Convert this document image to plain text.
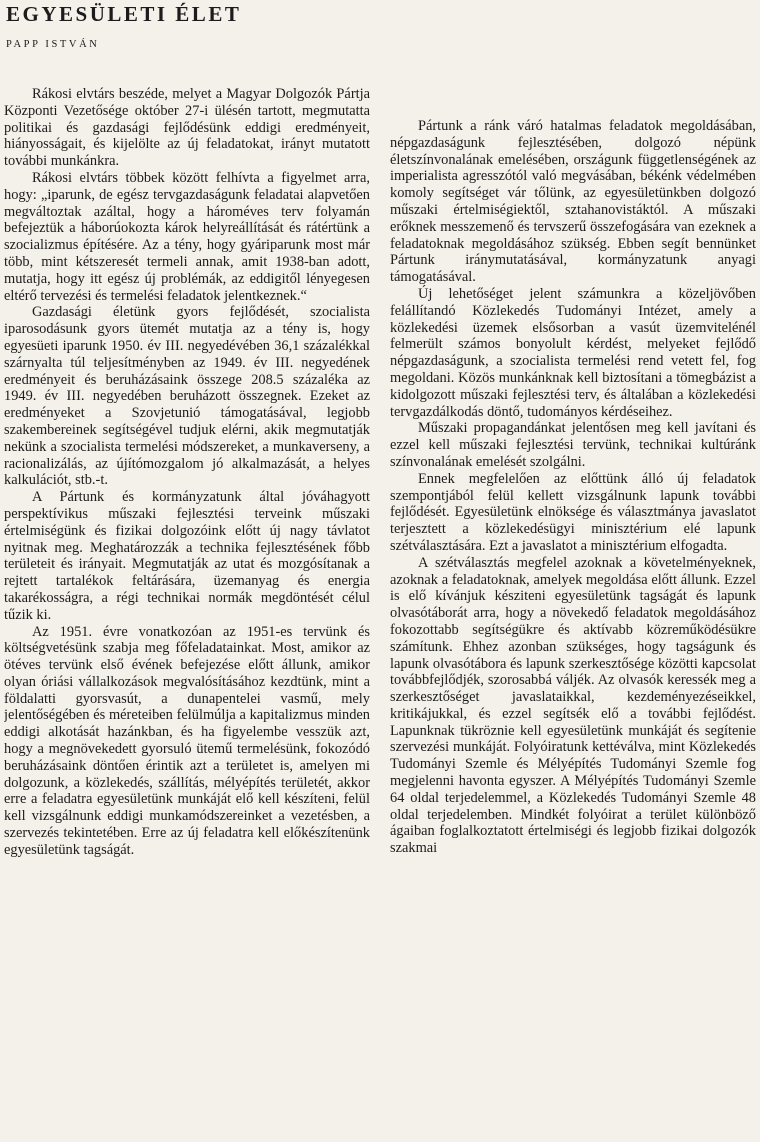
EGYESÜLETI ÉLET
PAPP ISTVÁN

Rákosi elvtárs beszéde, melyet a Magyar Dolgozók Pártja Központi Vezetősége október 27-i ülésén tartott, megmutatta politikai és gazdasági fejlődésünk eddigi eredményeit, hiányosságait, és kijelölte az új feladatokat, irányt mutatott további munkánkra.

Rákosi elvtárs többek között felhívta a figyelmet arra, hogy: „iparunk, de egész tervgazdaságunk feladatai alapvetően megváltoztak azáltal, hogy a hároméves terv folyamán befejeztük a háborúokozta károk helyreállítását és rátértünk a szocializmus építésére. Az a tény, hogy gyáriparunk most már több, mint kétszeresét termeli annak, amit 1938-ban adott, mutatja, hogy itt egész új problémák, az eddigitől lényegesen eltérő tervezési és termelési feladatok jelentkeznek.“

Gazdasági életünk gyors fejlődését, szocialista iparosodásunk gyors ütemét mutatja az a tény is, hogy egyesüeti iparunk 1950. év III. negyedévében 36,1 százalékkal szárnyalta túl teljesítményben az 1949. év III. negyedének eredményeit és beruházásaink összege 208.5 százaléka az 1949. év III. negyedében beruházott összegnek. Ezeket az eredményeket a Szovjetunió támogatásával, legjobb szakembereinek segítségével tudjuk elérni, akik megmutatják nekünk a szocialista termelési módszereket, a munkaverseny, a racionalizálás, az újítómozgalom jó alkalmazását, a helyes kalkulációt, stb.-t.

A Pártunk és kormányzatunk által jóváhagyott perspektívikus műszaki fejlesztési terveink műszaki értelmiségünk és fizikai dolgozóink előtt új nagy távlatot nyitnak meg. Meghatározzák a technika fejlesztésének főbb területeit és irányait. Megmutatják az utat és mozgósítanak a rejtett tartalékok feltárására, üzemanyag és energia takarékosságra, a régi technikai normák megdöntését célul tűzik ki.

Az 1951. évre vonatkozóan az 1951-es tervünk és költségvetésünk szabja meg főfeladatainkat. Most, amikor az ötéves tervünk első évének befejezése előtt állunk, amikor olyan óriási vállalkozások megvalósításához kezdtünk, mint a földalatti gyorsvasút, a dunapentelei vasmű, mely jelentőségében és méreteiben felülmúlja a kapitalizmus minden eddigi alkotását hazánkban, és ha figyelembe vesszük azt, hogy a megnövekedett gyorsuló ütemű termelésünk, fokozódó beruházásaink döntően érintik azt a területet is, amelyen mi dolgozunk, a közlekedés, szállítás, mélyépítés területét, akkor erre a feladatra egyesületünk munkáját elő kell készíteni, felül kell vizsgálnunk eddigi munkamódszereinket a vezetésben, a szervezés tekintetében. Erre az új feladatra kell előkészítenünk egyesületünk tagságát.

Pártunk a ránk váró hatalmas feladatok megoldásában, népgazdaságunk fejlesztésében, dolgozó népünk életszínvonalának emelésében, országunk függetlenségének az imperialista agresszótól való megvásában, békénk védelmében komoly segítséget vár tőlünk, az egyesületünkben dolgozó műszaki értelmiségiektől, sztahanovistáktól. A műszaki erőknek messzemenő és tervszerű összefogására van ezeknek a feladatoknak megoldásához szükség. Ebben segít bennünket Pártunk iránymutatásával, kormányzatunk anyagi támogatásával.

Új lehetőséget jelent számunkra a közeljövőben felállítandó Közlekedés Tudományi Intézet, amely a közlekedési üzemek elsősorban a vasút üzemvitelénél felmerült számos bonyolult kérdést, melyeket fejlődő népgazdaságunk, a szocialista termelési rend vetett fel, fog megoldani. Közös munkánknak kell biztosítani a tömegbázist a kidolgozott műszaki fejlesztési terv, és általában a közlekedési tervgazdálkodás döntő, tudományos kérdéseihez.

Műszaki propagandánkat jelentősen meg kell javítani és ezzel kell műszaki fejlesztési tervünk, technikai kultúránk színvonalának emelését szolgálni.

Ennek megfelelően az előttünk álló új feladatok szempontjából felül kellett vizsgálnunk lapunk további fejlődését. Egyesületünk elnöksége és választmánya javaslatot terjesztett a közlekedésügyi minisztérium elé lapunk szétválasztására. Ezt a javaslatot a minisztérium elfogadta.

A szétválasztás megfelel azoknak a követelményeknek, azoknak a feladatoknak, amelyek megoldása előtt állunk. Ezzel is elő kívánjuk késziteni egyesületünk tagságát és lapunk olvasótáborát arra, hogy a növekedő feladatok megoldásához fokozottabb segítségükre és aktívabb közreműködésükre számítunk. Ehhez azonban szükséges, hogy tagságunk és lapunk olvasótábora és lapunk szerkesztősége közötti kapcsolat továbbfejlődjék, szorosabbá váljék. Az olvasók keressék meg a szerkesztőséget javaslataikkal, kezdeményezéseikkel, kritikájukkal, és ezzel segítsék elő a további fejlődést. Lapunknak tükröznie kell egyesületünk munkáját és segítenie szervezési munkáját. Folyóiratunk kettéválva, mint Közlekedés Tudományi Szemle és Mélyépítés Tudományi Szemle fog megjelenni havonta egyszer. A Mélyépítés Tudományi Szemle 64 oldal terjedelemmel, a Közlekedés Tudományi Szemle 48 oldal terjedelemben. Mindkét folyóirat a terület különböző ágaiban foglalkoztatott értelmiségi és legjobb fizikai dolgozók szakmai
